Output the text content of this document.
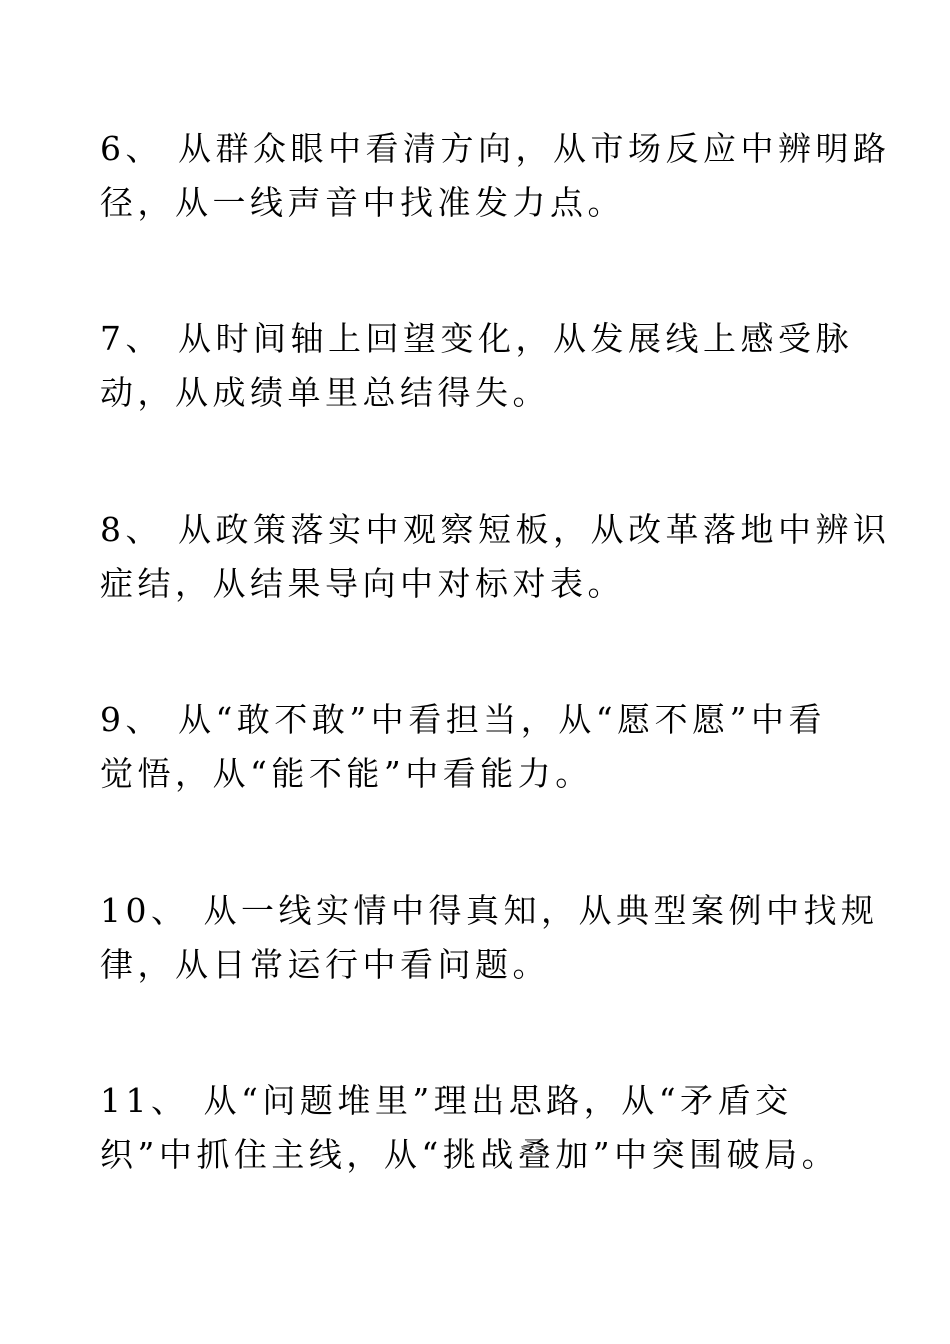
6、 从群众眼中看清方向，从市场反应中辨明路
径，从一线声音中找准发力点。
7、 从时间轴上回望变化，从发展线上感受脉
动，从成绩单里总结得失。
8、 从政策落实中观察短板，从改革落地中辨识
症结，从结果导向中对标对表。
9、 从“敢不敢”中看担当，从“愿不愿”中看
觉悟，从“能不能”中看能力。
10、 从一线实情中得真知，从典型案例中找规
律，从日常运行中看问题。
11、 从“问题堆里”理出思路，从“矛盾交
织”中抓住主线，从“挑战叠加”中突围破局。
